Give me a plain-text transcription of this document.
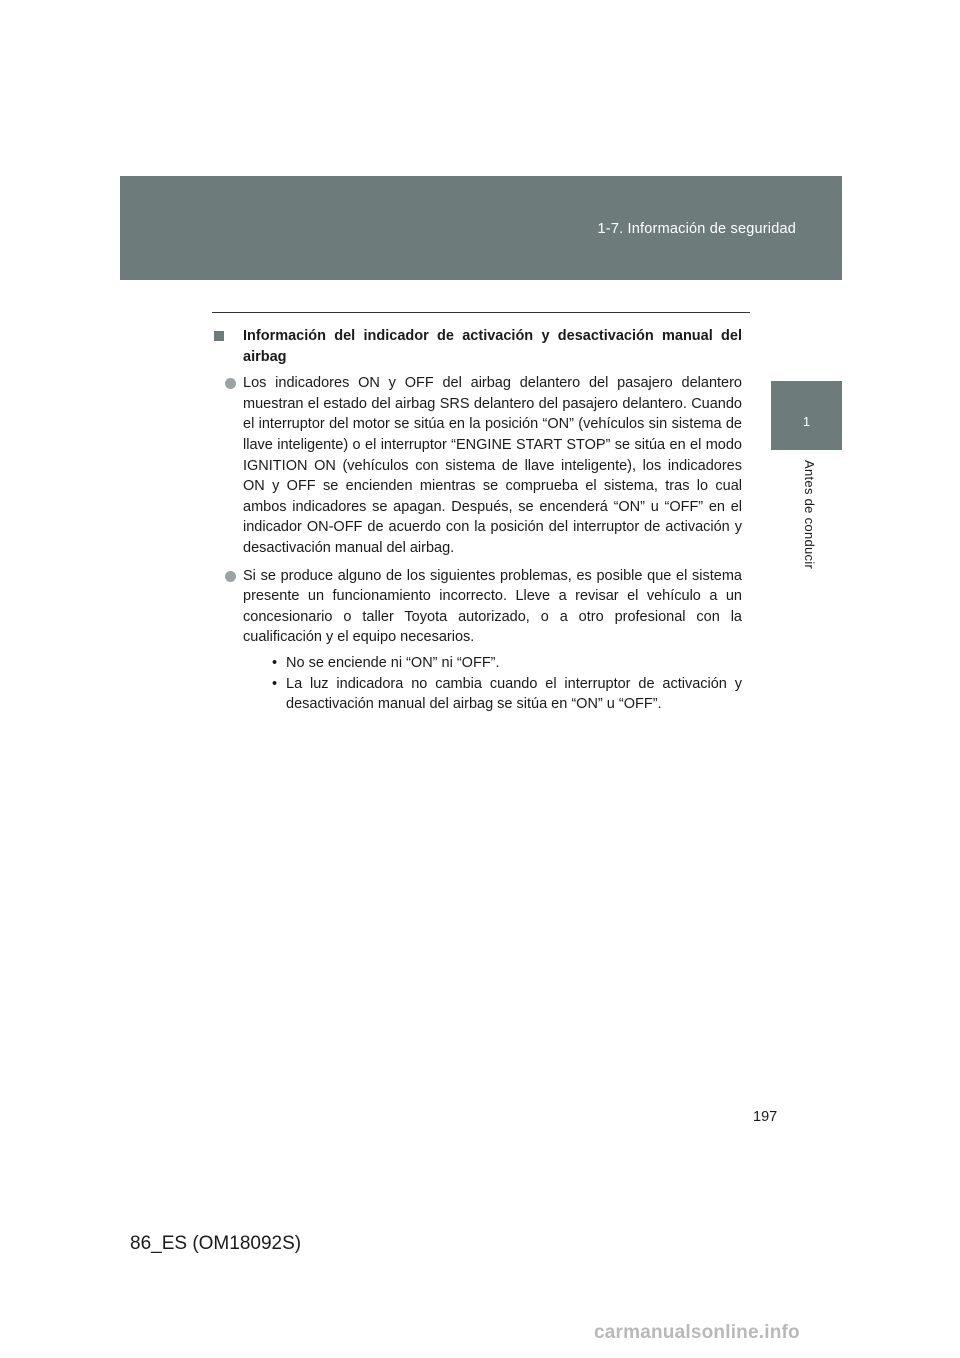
1-7. Información de seguridad
1
Antes de conducir
Información del indicador de activación y desactivación manual del airbag
Los indicadores ON y OFF del airbag delantero del pasajero delantero muestran el estado del airbag SRS delantero del pasajero delantero. Cuando el interruptor del motor se sitúa en la posición “ON” (vehículos sin sistema de llave inteligente) o el interruptor “ENGINE START STOP” se sitúa en el modo IGNITION ON (vehículos con sistema de llave inteligente), los indicadores ON y OFF se encienden mientras se comprueba el sistema, tras lo cual ambos indicadores se apagan. Después, se encenderá “ON” u “OFF” en el indicador ON-OFF de acuerdo con la posición del interruptor de activación y desactivación manual del airbag.
Si se produce alguno de los siguientes problemas, es posible que el sistema presente un funcionamiento incorrecto. Lleve a revisar el vehículo a un concesionario o taller Toyota autorizado, o a otro profesional con la cualificación y el equipo necesarios.
• No se enciende ni “ON” ni “OFF”.
• La luz indicadora no cambia cuando el interruptor de activación y desactivación manual del airbag se sitúa en “ON” u “OFF”.
197
86_ES (OM18092S)
carmanualsonline.info
